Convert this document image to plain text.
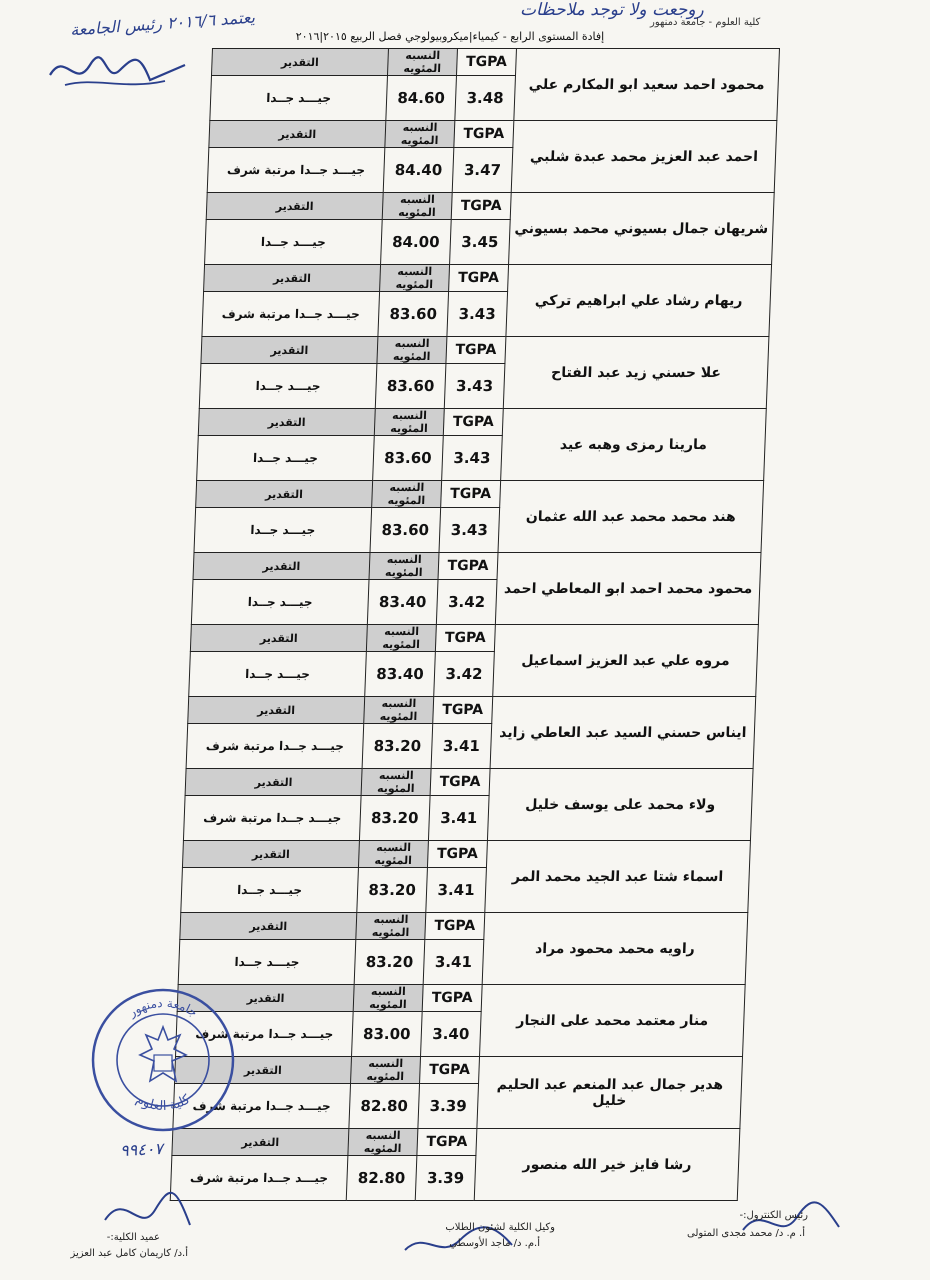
روجعت ولا توجد ملاحظات
يعتمد ٢٠١٦/٦ رئيس الجامعة	كلية العلوم - جامعة دمنهور
إفادة المستوى الرابع - كيمياء|ميكروبيولوجي فصل الربيع ٢٠١٥|٢٠١٦
التقدير	النسبه المئويه	TGPA	محمود احمد سعيد ابو المكارم علي
جيـــد جــدا	84.60	3.48	
التقدير	النسبه المئويه	TGPA	احمد عبد العزيز محمد عبدة شلبي
جيـــد جــدا مرتبة شرف	84.40	3.47	
التقدير	النسبه المئويه	TGPA	شريهان جمال بسيوني محمد بسيوني
جيـــد جــدا	84.00	3.45	
التقدير	النسبه المئويه	TGPA	ريهام رشاد علي ابراهيم تركي
جيـــد جــدا مرتبة شرف	83.60	3.43	
التقدير	النسبه المئويه	TGPA	علا حسني زيد عبد الفتاح
جيـــد جــدا	83.60	3.43	
التقدير	النسبه المئويه	TGPA	مارينا رمزى وهبه عيد
جيـــد جــدا	83.60	3.43	
التقدير	النسبه المئويه	TGPA	هند محمد محمد عبد الله عثمان
جيـــد جــدا	83.60	3.43	
التقدير	النسبه المئويه	TGPA	محمود محمد احمد ابو المعاطي احمد
جيـــد جــدا	83.40	3.42	
التقدير	النسبه المئويه	TGPA	مروه علي عبد العزيز اسماعيل
جيـــد جــدا	83.40	3.42	
التقدير	النسبه المئويه	TGPA	ايناس حسني السيد عبد العاطي زايد
جيـــد جــدا مرتبة شرف	83.20	3.41	
التقدير	النسبه المئويه	TGPA	ولاء محمد على يوسف خليل
جيـــد جــدا مرتبة شرف	83.20	3.41	
التقدير	النسبه المئويه	TGPA	اسماء شتا عبد الجيد محمد المر
جيـــد جــدا	83.20	3.41	
التقدير	النسبه المئويه	TGPA	راويه محمد محمود مراد
جيـــد جــدا	83.20	3.41	
التقدير	النسبه المئويه	TGPA	منار معتمد محمد على النجار
جيـــد جــدا مرتبة شرف	83.00	3.40	
التقدير	النسبه المئويه	TGPA	هدير جمال عبد المنعم عبد الحليم خليل
جيـــد جــدا مرتبة شرف	82.80	3.39	
التقدير	النسبه المئويه	TGPA	رشا فايز خير الله منصور
جيـــد جــدا مرتبة شرف	82.80	3.39	
جامعة دمنهور
كلية العلوم
٩٩٤٠٧
عميد الكلية:-
أ.د/ كاريمان كامل عبد العزيز
وكيل الكلية لشئون الطلاب
أ.م. د/ ماجد الأوسطي
رئيس الكنترول:-
أ. م. د/ محمد مجدى المتولى
